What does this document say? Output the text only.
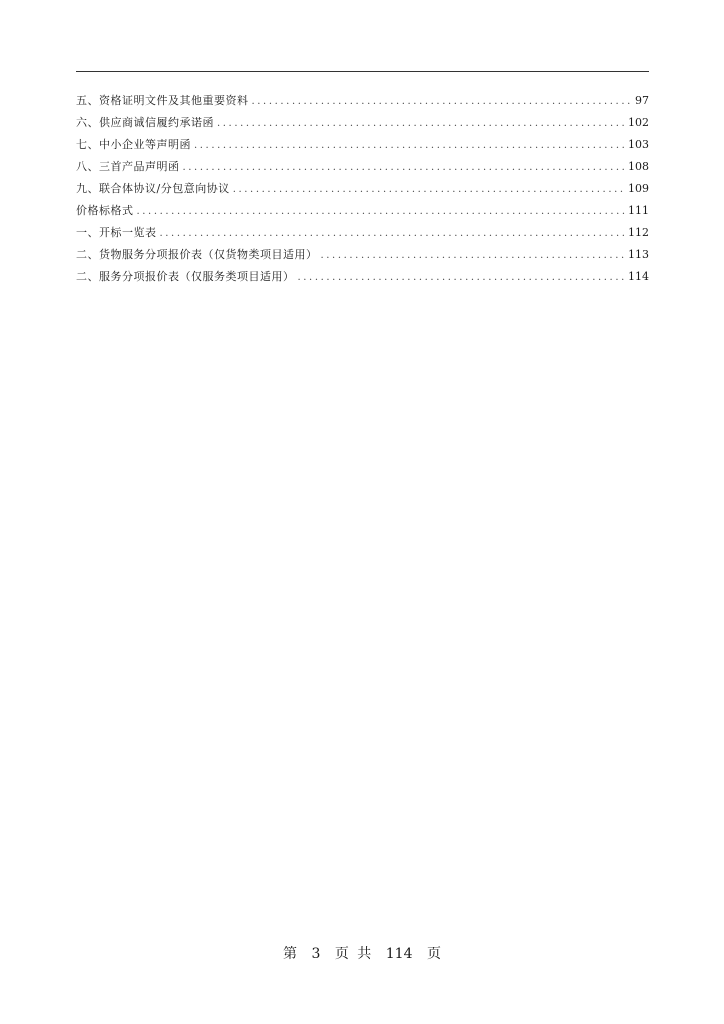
五、资格证明文件及其他重要资料 .....	97
六、供应商诚信履约承诺函 .....	102
七、中小企业等声明函 .....	103
八、三首产品声明函 .....	108
九、联合体协议/分包意向协议 .....	109
价格标格式 .....	111
一、开标一览表 .....	112
二、货物服务分项报价表（仅货物类项目适用） .....	113
二、服务分项报价表（仅服务类项目适用） .....	114
第 3 页 共 114 页
